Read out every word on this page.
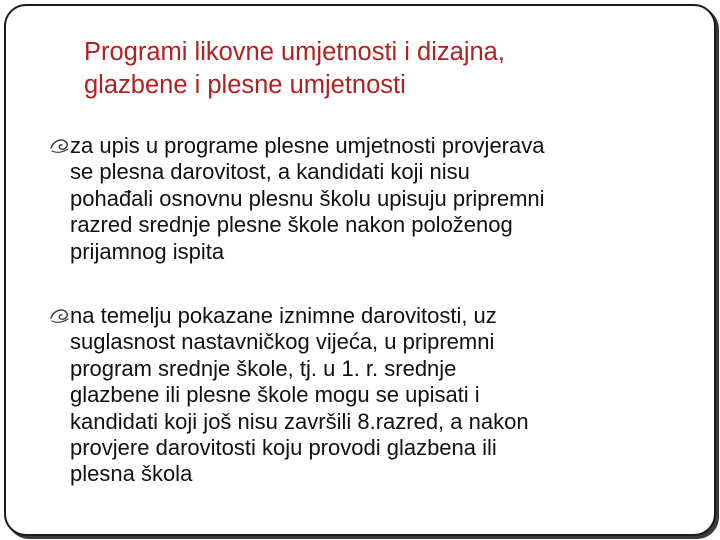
Programi likovne umjetnosti i dizajna,
glazbene i plesne umjetnosti
za upis u programe plesne umjetnosti provjerava
se plesna darovitost, a kandidati koji nisu
pohađali osnovnu plesnu školu upisuju pripremni
razred srednje plesne škole nakon položenog
prijamnog ispita
na temelju pokazane iznimne darovitosti, uz
suglasnost nastavničkog vijeća, u pripremni
program srednje škole, tj. u 1. r. srednje
glazbene ili plesne škole mogu se upisati i
kandidati koji još nisu završili 8.razred, a nakon
provjere darovitosti koju provodi glazbena ili
plesna škola
